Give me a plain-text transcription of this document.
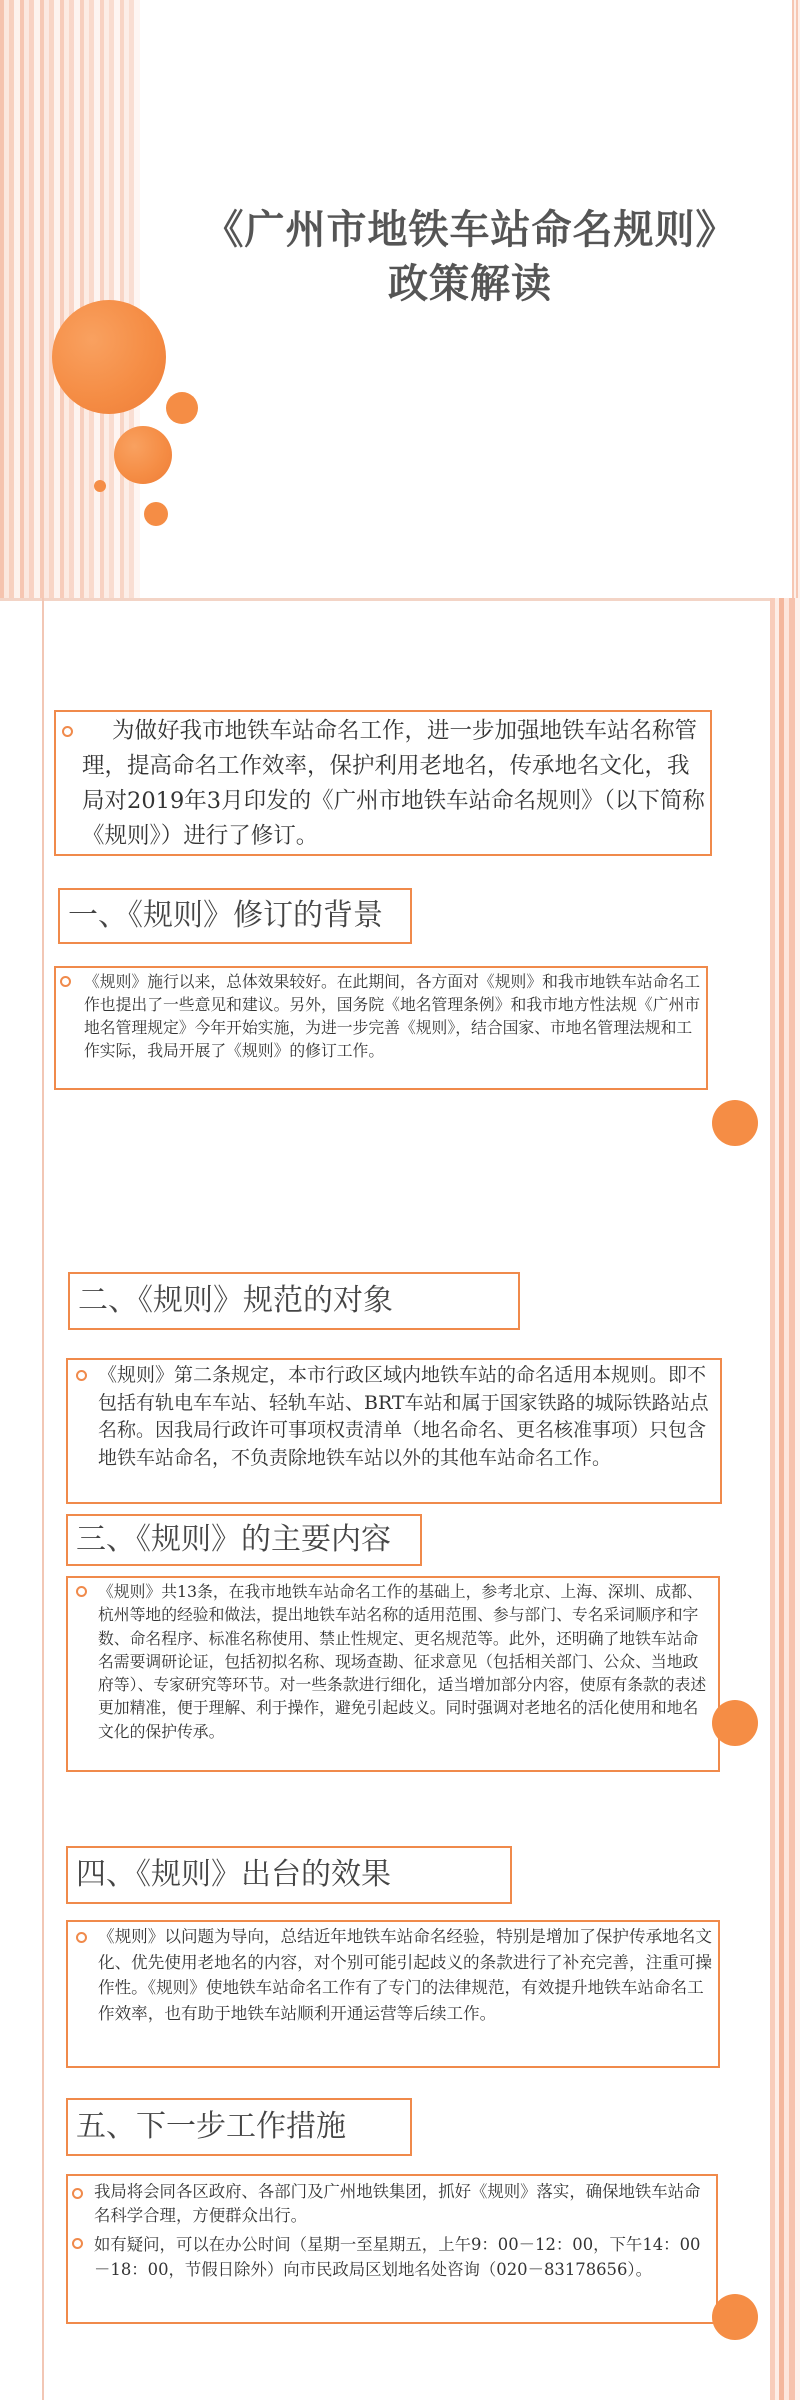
《广州市地铁车站命名规则》
政策解读
为做好我市地铁车站命名工作，进一步加强地铁车站名称管理，提高命名工作效率，保护利用老地名，传承地名文化，我局对2019年3月印发的《广州市地铁车站命名规则》（以下简称《规则》）进行了修订。
一、《规则》修订的背景
《规则》施行以来，总体效果较好。在此期间，各方面对《规则》和我市地铁车站命名工作也提出了一些意见和建议。另外，国务院《地名管理条例》和我市地方性法规《广州市地名管理规定》今年开始实施，为进一步完善《规则》，结合国家、市地名管理法规和工作实际，我局开展了《规则》的修订工作。
二、《规则》规范的对象
《规则》第二条规定，本市行政区域内地铁车站的命名适用本规则。即不包括有轨电车车站、轻轨车站、BRT车站和属于国家铁路的城际铁路站点名称。因我局行政许可事项权责清单（地名命名、更名核准事项）只包含地铁车站命名，不负责除地铁车站以外的其他车站命名工作。
三、《规则》的主要内容
《规则》共13条，在我市地铁车站命名工作的基础上，参考北京、上海、深圳、成都、杭州等地的经验和做法，提出地铁车站名称的适用范围、参与部门、专名采词顺序和字数、命名程序、标准名称使用、禁止性规定、更名规范等。此外，还明确了地铁车站命名需要调研论证，包括初拟名称、现场查勘、征求意见（包括相关部门、公众、当地政府等）、专家研究等环节。对一些条款进行细化，适当增加部分内容，使原有条款的表述更加精准，便于理解、利于操作，避免引起歧义。同时强调对老地名的活化使用和地名文化的保护传承。
四、《规则》出台的效果
《规则》以问题为导向，总结近年地铁车站命名经验，特别是增加了保护传承地名文化、优先使用老地名的内容，对个别可能引起歧义的条款进行了补充完善，注重可操作性。《规则》使地铁车站命名工作有了专门的法律规范，有效提升地铁车站命名工作效率，也有助于地铁车站顺利开通运营等后续工作。
五、下一步工作措施
我局将会同各区政府、各部门及广州地铁集团，抓好《规则》落实，确保地铁车站命名科学合理，方便群众出行。
如有疑问，可以在办公时间（星期一至星期五，上午9：00－12：00，下午14：00－18：00，节假日除外）向市民政局区划地名处咨询（020－83178656）。
